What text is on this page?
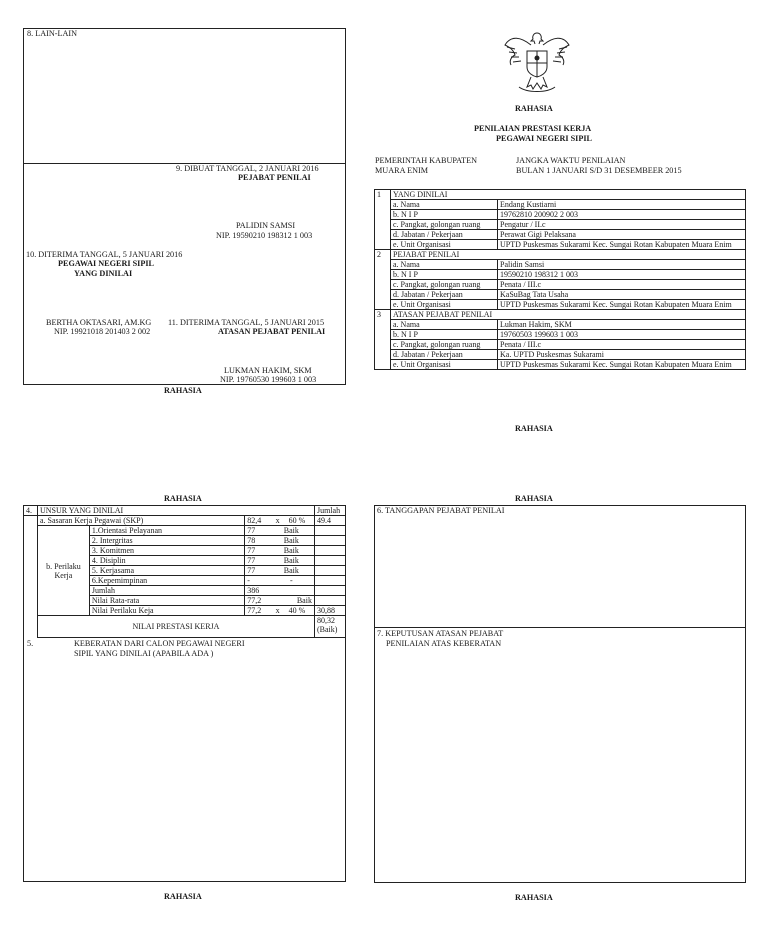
8. LAIN-LAIN
9. DIBUAT TANGGAL, 2 JANUARI 2016
PEJABAT PENILAI
PALIDIN SAMSI
NIP. 19590210 198312 1 003
10. DITERIMA TANGGAL, 5 JANUARI 2016
PEGAWAI NEGERI SIPIL
YANG DINILAI
BERTHA OKTASARI, AM.KG
NIP. 19921018 201403 2 002
11. DITERIMA TANGGAL, 5 JANUARI 2015
ATASAN PEJABAT PENILAI
LUKMAN HAKIM, SKM
NIP. 19760530 199603 1 003
RAHASIA
RAHASIA
PENILAIAN PRESTASI KERJA
PEGAWAI NEGERI SIPIL
PEMERINTAH KABUPATEN
MUARA ENIM
JANGKA WAKTU PENILAIAN
BULAN 1 JANUARI S/D 31 DESEMBEER 2015
1	YANG DINILAI	
	a. Nama	Endang Kustiarni
	b. N I P	19762810 200902 2 003
	c. Pangkat, golongan ruang	Pengatur / II.c
	d. Jabatan / Pekerjaan	Perawat Gigi Pelaksana
	e. Unit Organisasi	UPTD Puskesmas Sukarami Kec. Sungai Rotan Kabupaten Muara Enim
2	PEJABAT PENILAI	
	a. Nama	Palidin Samsi
	b. N I P	19590210 198312 1 003
	c. Pangkat, golongan ruang	Penata / III.c
	d. Jabatan / Pekerjaan	KaSuBag Tata Usaha
	e. Unit Organisasi	UPTD Puskesmas Sukarami Kec. Sungai Rotan Kabupaten Muara Enim
3	ATASAN PEJABAT PENILAI	
	a. Nama	Lukman Hakim, SKM
	b. N I P	19760503 199603 1 003
	c. Pangkat, golongan ruang	Penata / III.c
	d. Jabatan / Pekerjaan	Ka. UPTD Puskesmas Sukarami
	e. Unit Organisasi	UPTD Puskesmas Sukarami Kec. Sungai Rotan Kabupaten Muara Enim
RAHASIA
RAHASIA
4.	UNSUR YANG DINILAI					Jumlah
	a. Sasaran Kerja Pegawai (SKP)		82,4	x	60 %	49.4
	b. Perilaku Kerja	1.Orientasi Pelayanan	77	Baik		
		2. Intergritas	78	Baik		
		3. Komitmen	77	Baik		
		4. Disiplin	77	Baik		
		5. Kerjasama	77	Baik		
		6.Kepemimpinan	-	-		
		Jumlah	386			
		Nilai Rata-rata	77,2	Baik		
		Nilai Perilaku Keja	77,2	x	40 %	30,88
	NILAI PRESTASI KERJA					80,32
(Baik)
5.	KEBERATAN DARI CALON PEGAWAI NEGERI
SIPIL YANG DINILAI (APABILA ADA )
RAHASIA
RAHASIA
6. TANGGAPAN PEJABAT PENILAI
7. KEPUTUSAN ATASAN PEJABAT
PENILAIAN ATAS KEBERATAN
RAHASIA
